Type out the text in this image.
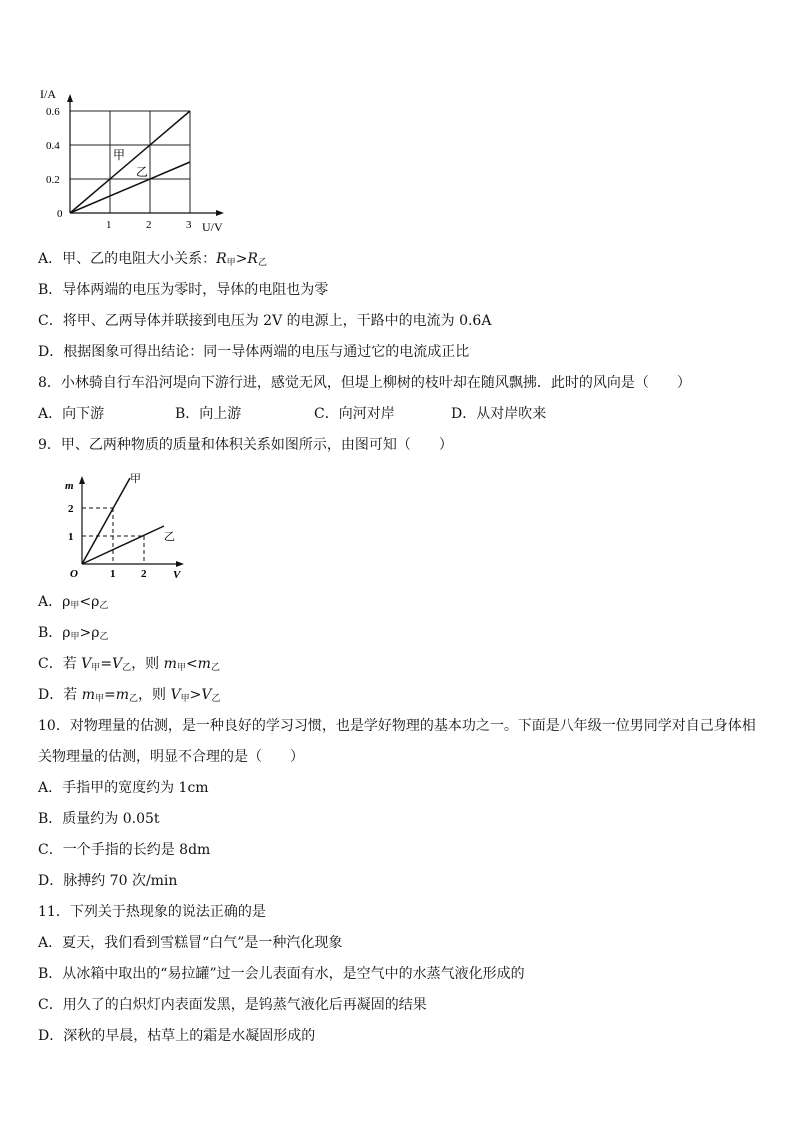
I/A
U/V
0
0.2
0.4
0.6
1	2	3
甲
乙
A．甲、乙的电阻大小关系：$R_甲>R_乙$
B．导体两端的电压为零时，导体的电阻也为零
C．将甲、乙两导体并联接到电压为 2V 的电源上，干路中的电流为 0.6A
D．根据图象可得出结论：同一导体两端的电压与通过它的电流成正比
8．小林骑自行车沿河堤向下游行进，感觉无风，但堤上柳树的枝叶却在随风飘拂．此时的风向是（　　）
A．向下游	B．向上游	C．向河对岸	D．从对岸吹来
9．甲、乙两种物质的质量和体积关系如图所示，由图可知（　　）
m
V
O
2
1
1 2
甲
乙
A．$\rho_甲<\rho_乙$
B．$\rho_甲>\rho_乙$
C．若 $V_甲=V_乙$，则 $m_甲<m_乙$
D．若 $m_甲=m_乙$，则 $V_甲>V_乙$
10．对物理量的估测，是一种良好的学习习惯，也是学好物理的基本功之一。下面是八年级一位男同学对自己身体相
关物理量的估测，明显不合理的是（　　）
A．手指甲的宽度约为 1cm
B．质量约为 0.05t
C．一个手指的长约是 8dm
D．脉搏约 70 次/min
11．下列关于热现象的说法正确的是
A．夏天，我们看到雪糕冒“白气”是一种汽化现象
B．从冰箱中取出的“易拉罐”过一会儿表面有水，是空气中的水蒸气液化形成的
C．用久了的白炽灯内表面发黑，是钨蒸气液化后再凝固的结果
D．深秋的早晨，枯草上的霜是水凝固形成的
